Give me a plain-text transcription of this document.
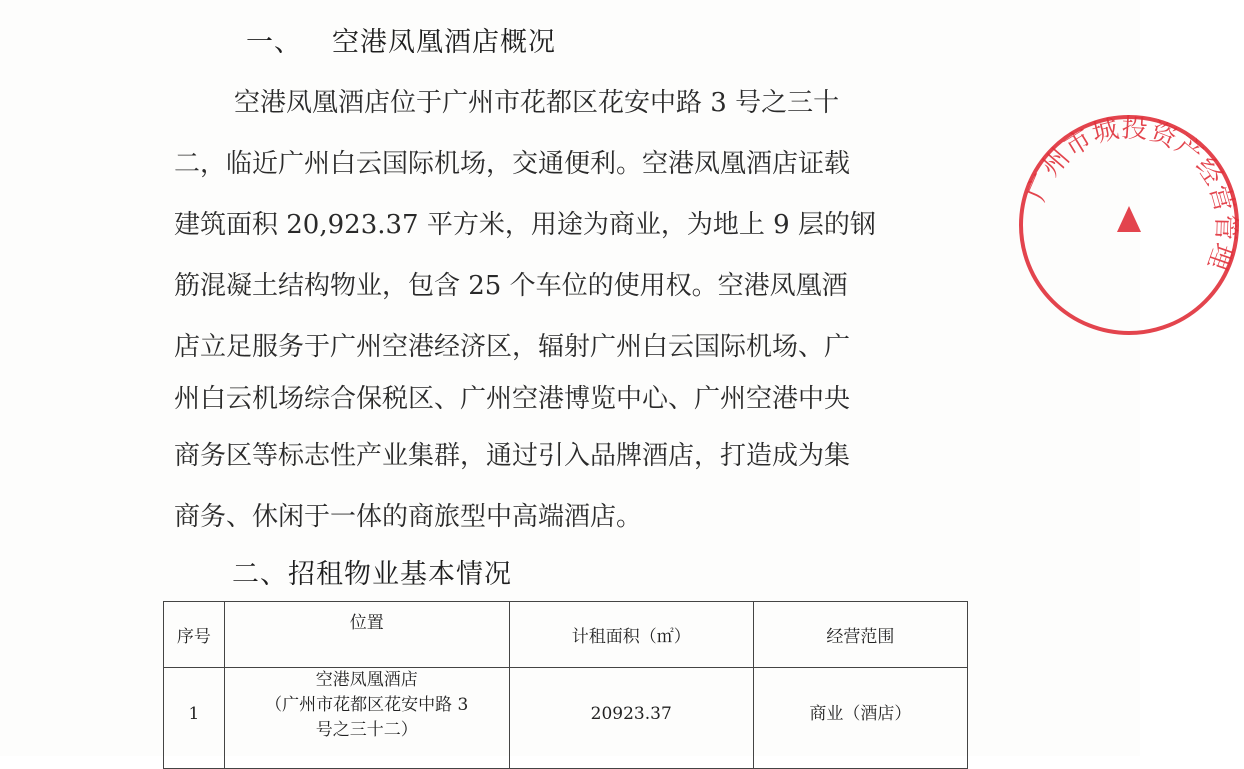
一、 空港凤凰酒店概况
空港凤凰酒店位于广州市花都区花安中路 3 号之三十
二，临近广州白云国际机场，交通便利。空港凤凰酒店证载
建筑面积 20,923.37 平方米，用途为商业，为地上 9 层的钢
筋混凝土结构物业，包含 25 个车位的使用权。空港凤凰酒
店立足服务于广州空港经济区，辐射广州白云国际机场、广
州白云机场综合保税区、广州空港博览中心、广州空港中央
商务区等标志性产业集群，通过引入品牌酒店，打造成为集
商务、休闲于一体的商旅型中高端酒店。
二、招租物业基本情况
序号	位置	计租面积（㎡）	经营范围
1	空港凤凰酒店
（广州市花都区花安中路 3
号之三十二）	20923.37	商业（酒店）
广州市城投资产经营管理
